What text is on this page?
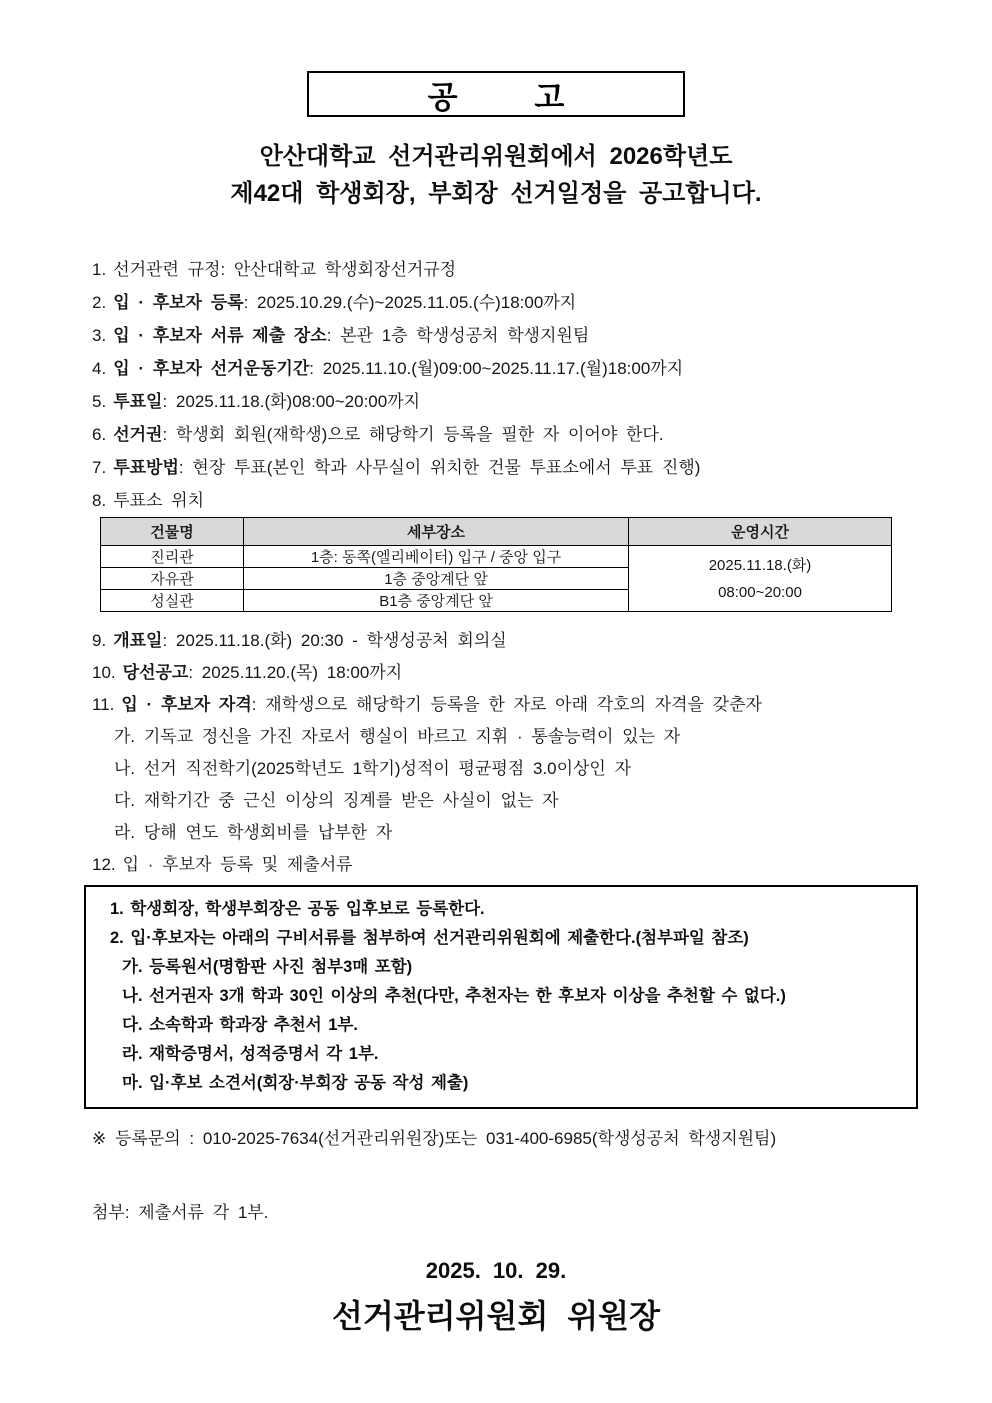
공 고
안산대학교 선거관리위원회에서 2026학년도
제42대 학생회장, 부회장 선거일정을 공고합니다.
1. 선거관련 규정: 안산대학교 학생회장선거규정
2. 입 · 후보자 등록: 2025.10.29.(수)~2025.11.05.(수)18:00까지
3. 입 · 후보자 서류 제출 장소: 본관 1층 학생성공처 학생지원팀
4. 입 · 후보자 선거운동기간: 2025.11.10.(월)09:00~2025.11.17.(월)18:00까지
5. 투표일: 2025.11.18.(화)08:00~20:00까지
6. 선거권: 학생회 회원(재학생)으로 해당학기 등록을 필한 자 이어야 한다.
7. 투표방법: 현장 투표(본인 학과 사무실이 위치한 건물 투표소에서 투표 진행)
8. 투표소 위치
건물명	세부장소	운영시간
진리관	1층: 동쪽(엘리베이터) 입구 / 중앙 입구	2025.11.18.(화)
08:00~20:00

자유관	1층 중앙계단 앞	
성실관	B1층 중앙계단 앞	
9. 개표일: 2025.11.18.(화) 20:30 - 학생성공처 회의실
10. 당선공고: 2025.11.20.(목) 18:00까지
11. 입 · 후보자 자격: 재학생으로 해당학기 등록을 한 자로 아래 각호의 자격을 갖춘자
가. 기독교 정신을 가진 자로서 행실이 바르고 지휘 · 통솔능력이 있는 자
나. 선거 직전학기(2025학년도 1학기)성적이 평균평점 3.0이상인 자
다. 재학기간 중 근신 이상의 징계를 받은 사실이 없는 자
라. 당해 연도 학생회비를 납부한 자
12. 입 · 후보자 등록 및 제출서류
1. 학생회장, 학생부회장은 공동 입후보로 등록한다.
2. 입·후보자는 아래의 구비서류를 첨부하여 선거관리위원회에 제출한다.(첨부파일 참조)
가. 등록원서(명함판 사진 첨부3매 포함)
나. 선거권자 3개 학과 30인 이상의 추천(다만, 추천자는 한 후보자 이상을 추천할 수 없다.)
다. 소속학과 학과장 추천서 1부.
라. 재학증명서, 성적증명서 각 1부.
마. 입·후보 소견서(회장·부회장 공동 작성 제출)
※ 등록문의 : 010-2025-7634(선거관리위원장)또는 031-400-6985(학생성공처 학생지원팀)
첨부: 제출서류 각 1부.
2025. 10. 29.
선거관리위원회 위원장
